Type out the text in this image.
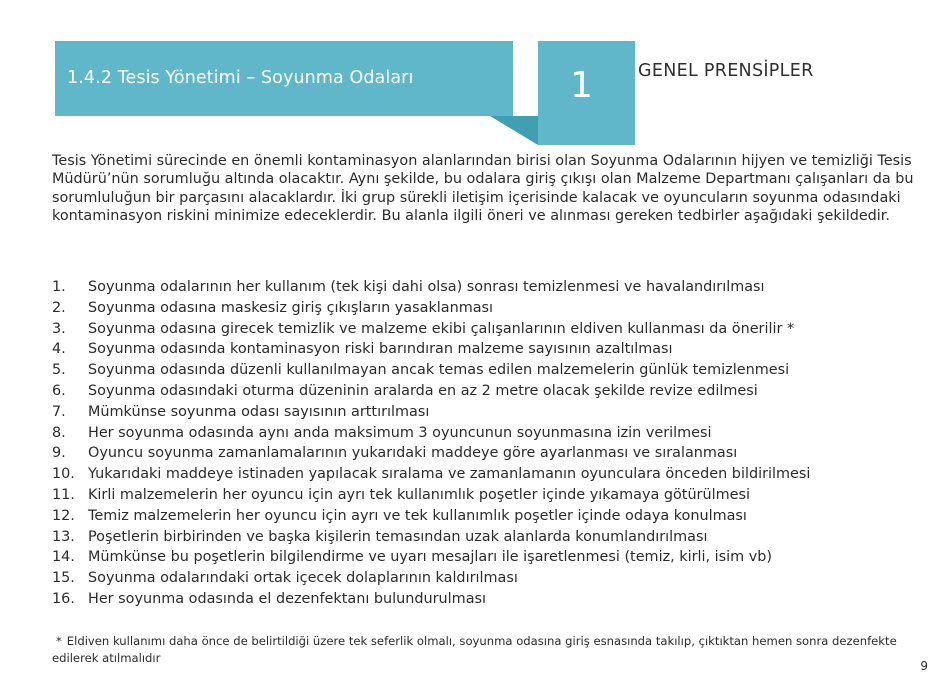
1.4.2 Tesis Yönetimi – Soyunma Odaları	1	GENEL PRENSİPLER

Tesis Yönetimi sürecinde en önemli kontaminasyon alanlarından birisi olan Soyunma Odalarının hijyen ve temizliği Tesis Müdürü’nün sorumluğu altında olacaktır. Aynı şekilde, bu odalara giriş çıkışı olan Malzeme Departmanı çalışanları da bu sorumluluğun bir parçasını alacaklardır. İki grup sürekli iletişim içerisinde kalacak ve oyuncuların soyunma odasındaki kontaminasyon riskini minimize edeceklerdir. Bu alanla ilgili öneri ve alınması gereken tedbirler aşağıdaki şekildedir.

1.	Soyunma odalarının her kullanım (tek kişi dahi olsa) sonrası temizlenmesi ve havalandırılması
2.	Soyunma odasına maskesiz giriş çıkışların yasaklanması
3.	Soyunma odasına girecek temizlik ve malzeme ekibi çalışanlarının eldiven kullanması da önerilir *
4.	Soyunma odasında kontaminasyon riski barındıran malzeme sayısının azaltılması
5.	Soyunma odasında düzenli kullanılmayan ancak temas edilen malzemelerin günlük temizlenmesi
6.	Soyunma odasındaki oturma düzeninin aralarda en az 2 metre olacak şekilde revize edilmesi
7.	Mümkünse soyunma odası sayısının arttırılması
8.	Her soyunma odasında aynı anda maksimum 3 oyuncunun soyunmasına izin verilmesi
9.	Oyuncu soyunma zamanlamalarının yukarıdaki maddeye göre ayarlanması ve sıralanması
10. Yukarıdaki maddeye istinaden yapılacak sıralama ve zamanlamanın oyunculara önceden bildirilmesi
11. Kirli malzemelerin her oyuncu için ayrı tek kullanımlık poşetler içinde yıkamaya götürülmesi
12. Temiz malzemelerin her oyuncu için ayrı ve tek kullanımlık poşetler içinde odaya konulması
13. Poşetlerin birbirinden ve başka kişilerin temasından uzak alanlarda konumlandırılması
14. Mümkünse bu poşetlerin bilgilendirme ve uyarı mesajları ile işaretlenmesi (temiz, kirli, isim vb)
15. Soyunma odalarındaki ortak içecek dolaplarının kaldırılması
16. Her soyunma odasında el dezenfektanı bulundurulması

* Eldiven kullanımı daha önce de belirtildiği üzere tek seferlik olmalı, soyunma odasına giriş esnasında takılıp, çıktıktan hemen sonra dezenfekte edilerek atılmalıdır

9
